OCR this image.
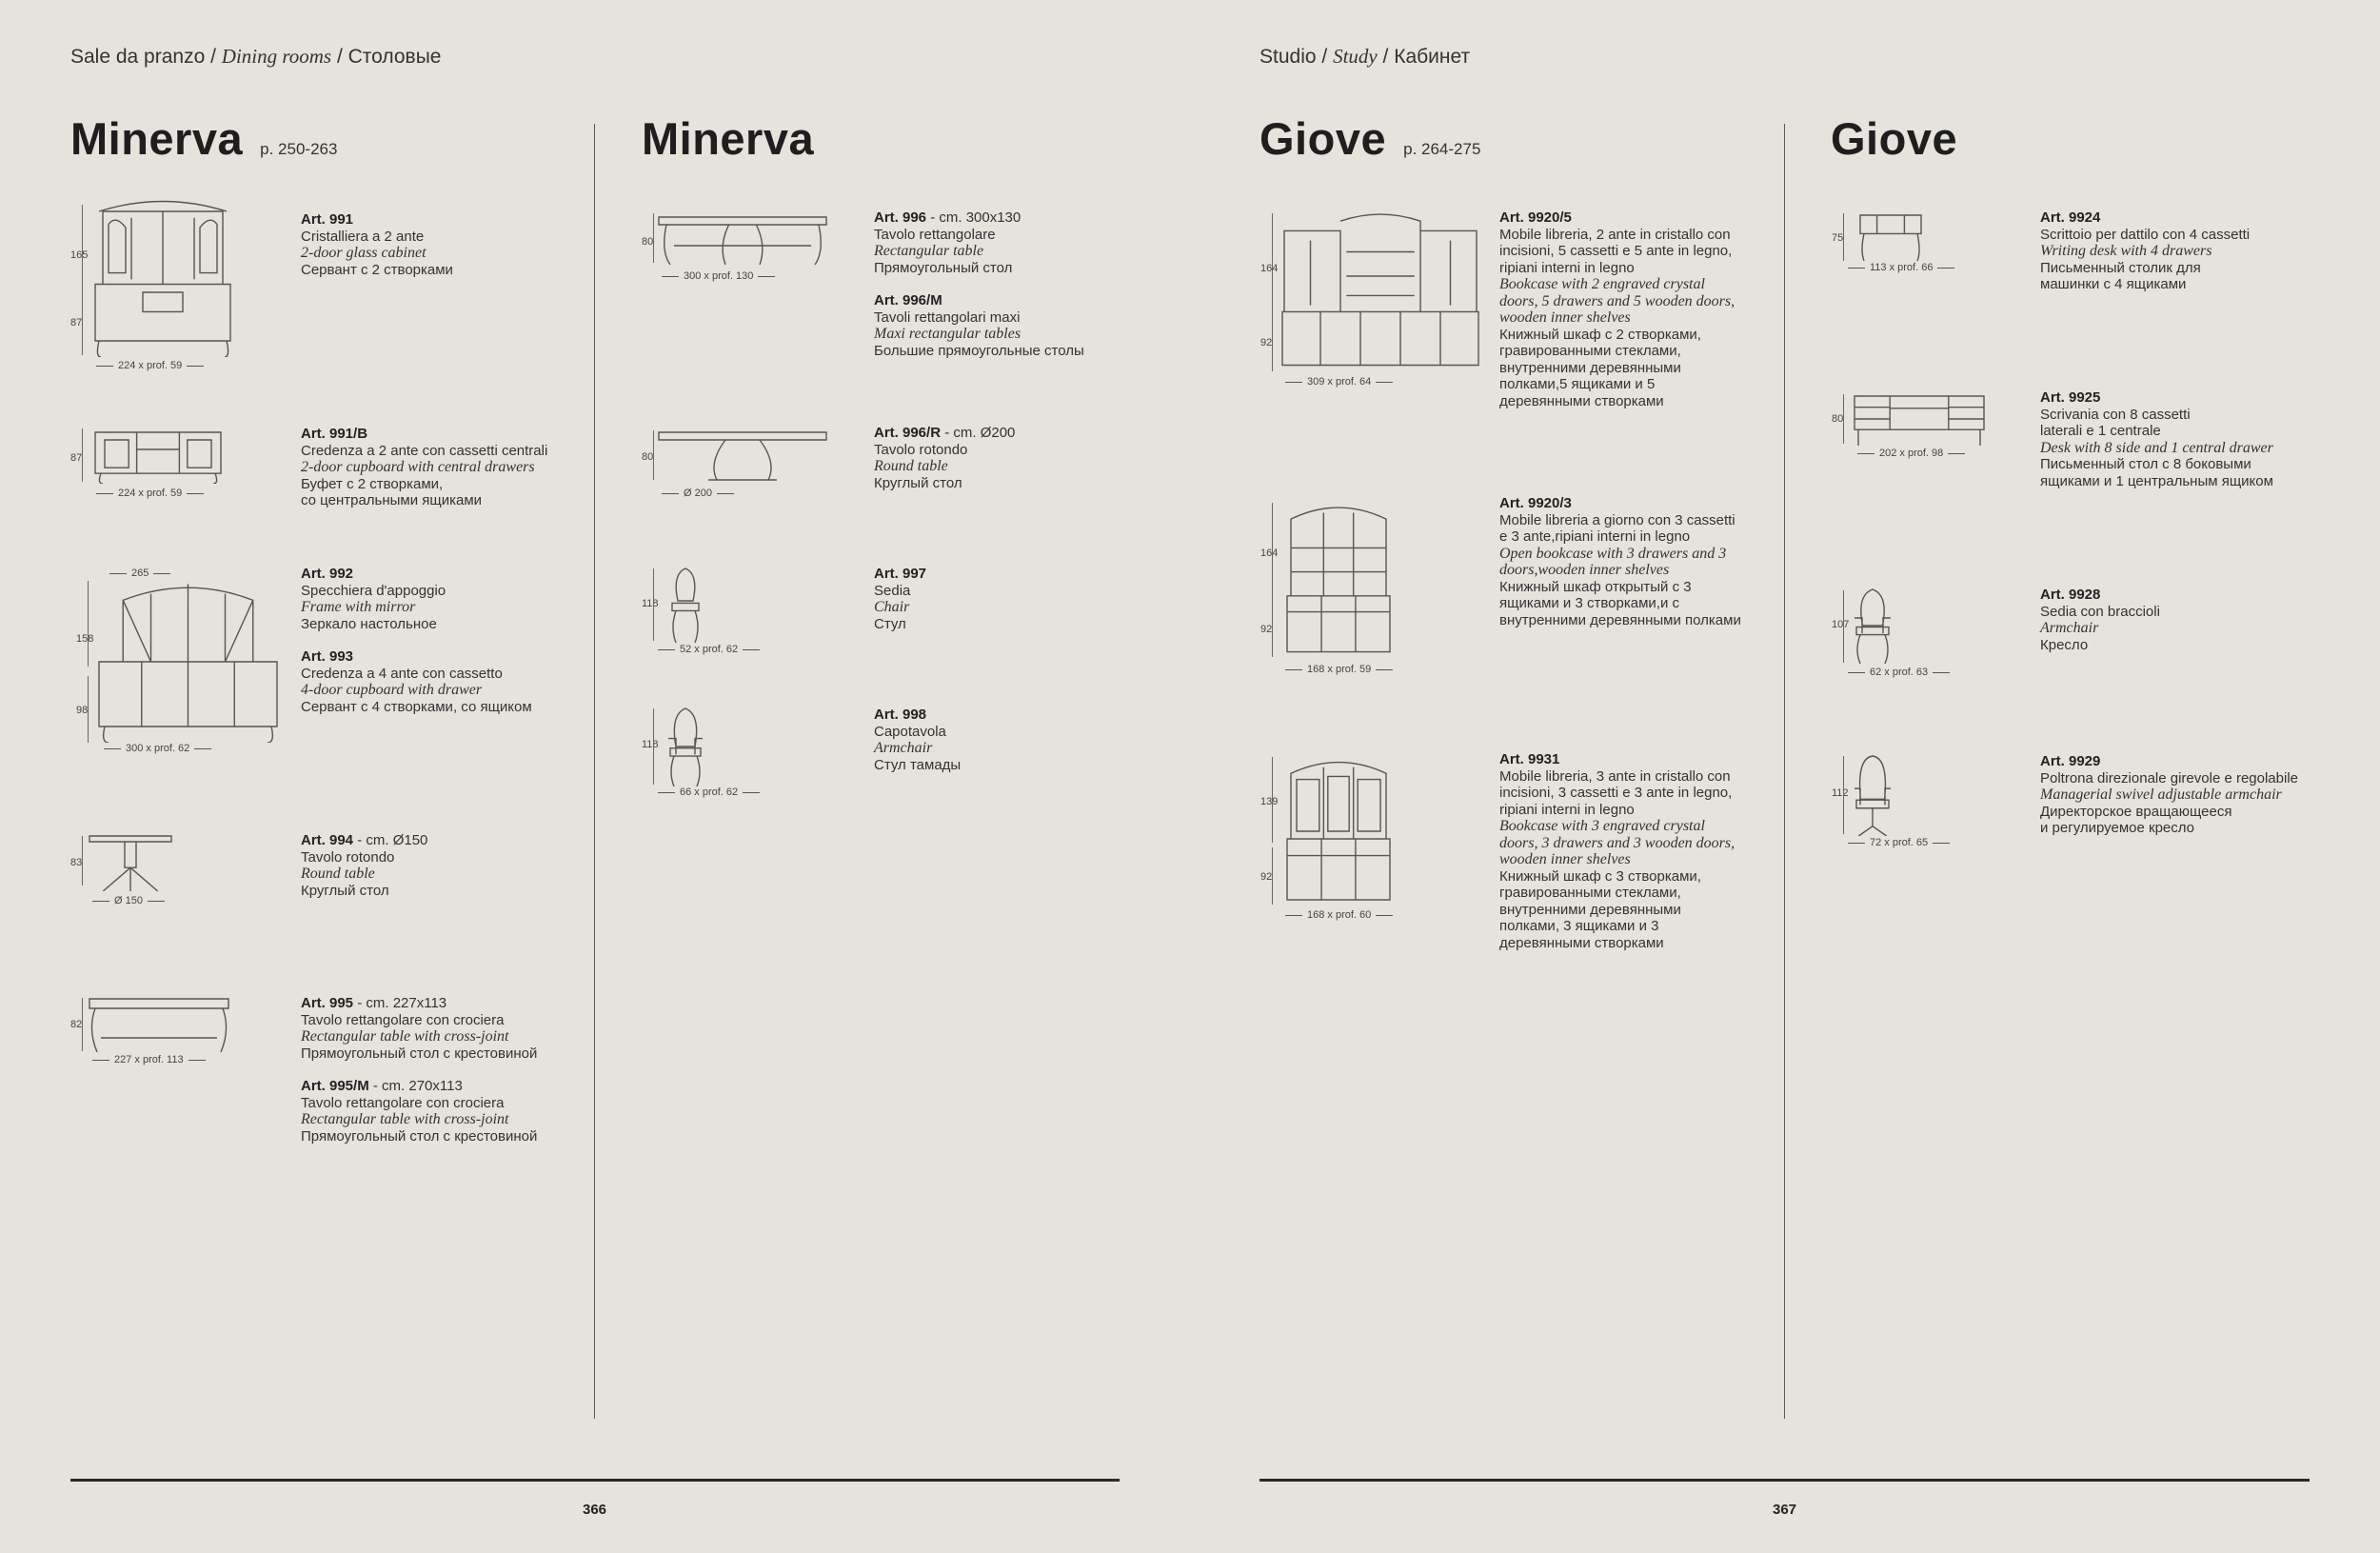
Sale da pranzo / Dining rooms / Столовые	Studio / Study / Кабинет
Minerva p. 250-263	Minerva	Giove p. 264-275	Giove
366	367
165
87
224 x prof. 59
Art. 991
Cristalliera a 2 ante
2-door glass cabinet
Сервант с 2 створками
87
224 x prof. 59
Art. 991/B
Credenza a 2 ante con cassetti centrali
2-door cupboard with central drawers
Буфет с 2 створками,
со центральными ящиками
158
98
300 x prof. 62
265	Art. 992
Specchiera d'appoggio
Frame with mirror
Зеркало настольное
Art. 993
Credenza a 4 ante con cassetto
4-door cupboard with drawer
Сервант с 4 створками, со ящиком
83
Ø 150
Art. 994 - cm. Ø150
Tavolo rotondo
Round table
Круглый стол
82
227 x prof. 113
Art. 995 - cm. 227x113
Tavolo rettangolare con crociera
Rectangular table with cross-joint
Прямоугольный стол с крестовиной
Art. 995/M - cm. 270x113
Tavolo rettangolare con crociera
Rectangular table with cross-joint
Прямоугольный стол с крестовиной
80
300 x prof. 130
Art. 996 - cm. 300x130
Tavolo rettangolare
Rectangular table
Прямоугольный стол
Art. 996/M
Tavoli rettangolari maxi
Maxi rectangular tables
Большие прямоугольные столы
80
Ø 200
Art. 996/R - cm. Ø200
Tavolo rotondo
Round table
Круглый стол
118
52 x prof. 62
Art. 997
Sedia
Chair
Стул
118
66 x prof. 62
Art. 998
Capotavola
Armchair
Стул тамады
164
92
309 x prof. 64
Art. 9920/5
Mobile libreria, 2 ante in cristallo con
incisioni, 5 cassetti e 5 ante in legno,
ripiani interni in legno
Bookcase with 2 engraved crystal
doors, 5 drawers and 5 wooden doors,
wooden inner shelves
Книжный шкаф с 2 створками,
гравированными стеклами,
внутренними деревянными
полками,5 ящиками и 5
деревянными створками
164
92
168 x prof. 59
Art. 9920/3
Mobile libreria a giorno con 3 cassetti
e 3 ante,ripiani interni in legno
Open bookcase with 3 drawers and 3
doors,wooden inner shelves
Книжный шкаф открытый с 3
ящиками и 3 створками,и с
внутренними деревянными полками
139
92
168 x prof. 60
Art. 9931
Mobile libreria, 3 ante in cristallo con
incisioni, 3 cassetti e 3 ante in legno,
ripiani interni in legno
Bookcase with 3 engraved crystal
doors, 3 drawers and 3 wooden doors,
wooden inner shelves
Книжный шкаф с 3 створками,
гравированными стеклами,
внутренними деревянными
полками, 3 ящиками и 3
деревянными створками
75
113 x prof. 66
Art. 9924
Scrittoio per dattilo con 4 cassetti
Writing desk with 4 drawers
Письменный столик для
машинки с 4 ящиками
80
202 x prof. 98
Art. 9925
Scrivania con 8 cassetti
laterali e 1 centrale
Desk with 8 side and 1 central drawer
Письменный стол с 8 боковыми
ящиками и 1 центральным ящиком
107
62 x prof. 63
Art. 9928
Sedia con braccioli
Armchair
Кресло
112
72 x prof. 65
Art. 9929
Poltrona direzionale girevole e regolabile
Managerial swivel adjustable armchair
Директорское вращающееся
и регулируемое кресло
